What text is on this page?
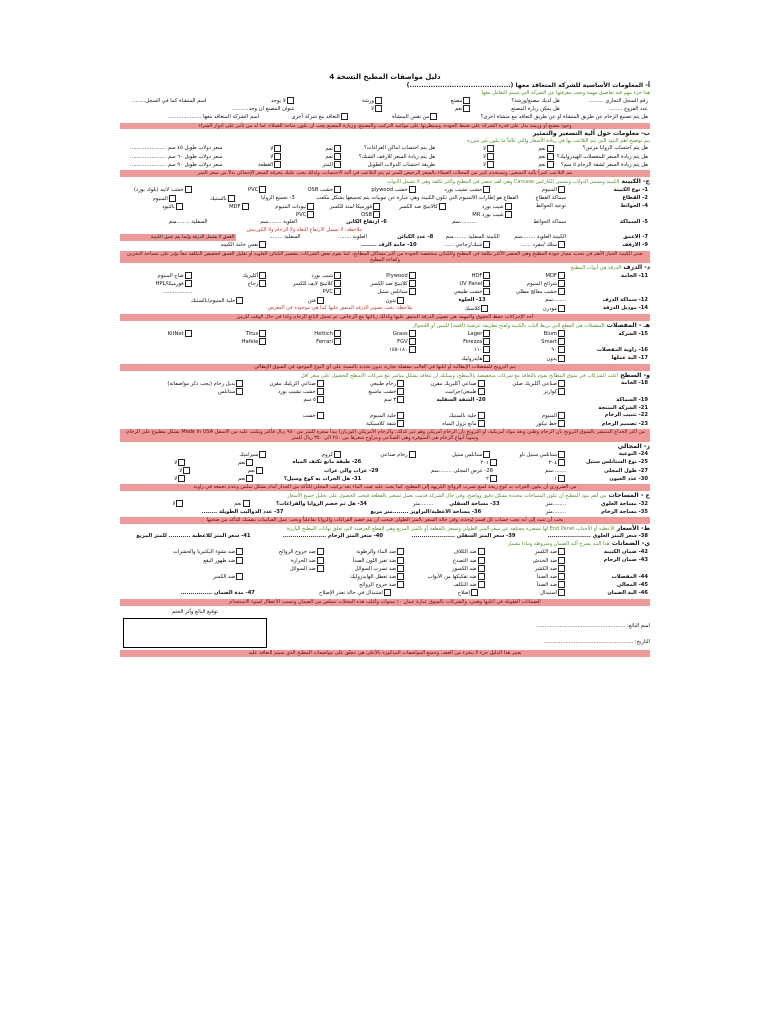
دليل مواصفات المطبخ النسخة 4
أ- المعلومات الأساسية للشركة المتعاقد معها (...........................................)
هذا جزء مهم فيه تفاصيل مهمة ويجب معرفتها عن الشركة التي سيتم التعامل معها
رقم السجل التجاري .........
هل لديك مصنع/ورشة؟
مصنع
ورشة
لا يوجد
اسم المنشأة كما في السجل........
عدد الفروع ........
هل يمكن زيارة المصنع
نعم
لا
عنوان المصنع ان وجد..........
هل يتم تصنيع الرخام عن طريق المنشأة او عن طريق التعاقد مع منشأة اخرى؟
من نفس المنشأة
التعاقد مع شركة أخرى
اسم الشركة المتعاقد معها ....................
وجود مصنع أو ورشة يدل على قدرة الشركة على ضبط الجودة، وسيطرتها على مواعيد التركيب والتصنيع، وزيارة المصنع يجب أن تكون متاحة للعملاء، لما له من تأثير على أدوار الشراء
ب- معلومات حول آلية التسعير والتمثير
يتم توضيح أهم البنود التي يتم التلاعب بها في زيادة الأسعار والتي غالباً ما تكون غير مبررة
هل يتم احتساب الزوايا مرتين؟
نعم
لا
هل يتم احتساب أماكن الفراغات؟
نعم
لا
سعر دولاب طويل ٤٥ سم ......................
هل يتم زيادة السعر للمفصلات الهيدروليك؟
نعم
لا
هل يتم زيادة السعر للأرفف الشبك؟
نعم
لا
سعر دولاب طويل ٦٠ سم ......................
هل يتم زيادة السعر لشفة الرخام ٥ سم؟
نعم
لا
طريقة احتساب الدولاب الطويل
المتر
القطعة
سعر دولاب طويل ٩٠ سم ......................
يتم التلاعب كثيراً بآلية التسعير، وتستخدم كثير من المحلات العملاء بالسعر الرخيص للمتر ثم يتم التلاعب في آلية الاحتساب، ولذلك يجب عليك معرفة السعر الإجمالي بدلاً من سعر المتر
ج- الكبينة الكبينة وتسمى الدولاب وتسمى الكاركس Carcase وهي أهم عنصر في المطبخ وأكثر تكلفة وهي لا تشمل الأبواب
1- نوع الكبينة
المنيوم
خشب تشيب بورد
خشب plywood
خشب OSB
PVC
خشب لاتيه (بلوك بورد)
2- القطاع
سماكة القطاع
القطاع هو إطارات الألمنيوم التي تكون الكبينة وهي عبارة عن تبويبات يتم تجميعها بشكل مكعب
3- تجميع الزوايا
بالستيك
المنيوم
4- الحوائط
نوعية الحوائط
شيب بورد
كالاتينج ضد الكسر
فورميكا لمنة للكسر
تيودات المنيوم
MDF
بالتيود
شيب بورد MR
OSB
PVC
5- السماكة
سماكة الحوائط
..........سم
6- ارتفاع الكابن
العلوية ........سم
السفلية ........سم
ملاحظة: لا يشمل الارتفاع النعلة ولا الرخام ولا الكورنيش
7- الأعمق
الكبينة العلوية ........سم
الكبينة السفلية ........سم
8- عدد الكبائن
العلوية ........
السفلية ........
العمق لا يشمل الدرفة وإنما يتم عمق الكبينة
9- الأرفف
سلك /مفرد ......
شبك/زجاجي ......
10- خامة الرف ........
نفس خامة الكبينة
تعتبر الكبينة الخيار الأهم في تحديد معيار جودة المطبخ وهي العنصر الأكثر تكلفة في المطبخ والكبائن منخفضة الجودة من أكبر مشاكل المطابخ، كما تقوم بعض الشركات بتقصير الكبائن العلوية أو تقليل العمق لتخفيض التكلفة معاً بؤثر على مساحة التخزين وكفاءة المطبخ
د- الدرف الدرفة هي أبواب المطبخ
11- الخامة
MDF
HDF
Plywood
شيب بورد
أكليريك
صاج المنيوم
شرائح المنيوم
UV Panel
كلاتينج ضد الكسر
كلاتينج لايف للكسر
زجاج
فورميكا/HPL
خشب معالج مطلي
خشب طبيعي
ستانلس ستيل
PVC
..................
12- سماكة الدرف
........سم
13- الحلوة
بدون
فتن
خلية المنيوم/بالستيك
14- موديل الدرفة
مودرن
كلاسيك
ملاحظة: يجب تصوير الدرفة المتفق عليها كما هي موجودة في المعرض
أحد الإجراءات حفظ الحقوق والمهمة هي تصوير الدرفة المتفق عليها وكذلك ربالتها مع الرخاص، ثم تحمل البائع الرخام وكذا في حال الوقت للزمن
هـ - المفصلات المفصلات هي القطع التي تربط الباب بالكبينة ولفتح بطريقة عرضية (أفقية) للبيس أو اللتحوال
15- الشركة
Blum
Lager
Grass
Hettich
Titus
KitNet
Smart
Finezza
FGV
Ferrari
Hafele
16- زاوية المفصلات
٩٠
١١٠
١٨٠-١٥٥
17- آلية عملها
بدون
هايدروليك
يتم الترويج للمفصلات الإيطالية أو لكبها في الغالب مفصلة تجارية بدون تحديد بالنسبة على أي النوع الموجود في السوق الإيطالي
و- السطح أغلب الشركات في سوق المطابخ تقوم بالتعاقد مع شركات متخصصة بالأسطح، ويمكنك أن تتعاقد بشكل مباشر مع شركات الأسطح للحصول على سعر أقل
18- الخامة
صناعي أكليريك صلي
صناعي أكليريك مقرن
رخام طبيعي
صناعي اكريليك مقرن
بديل رخام (يجب ذكر مواصفاته)
كوارتز
طبيعي/جرانيت
خشب ماسيع
خشب تشيب بورد
ستانلس
19- السماكة
20- الشفة السفلية
٣ سم
٥ سم
21- الشركة المنتجة
22- تثبيت الرخام
المنيوم
خلية بالستيك
خلية المنيوم
خشب
23- تصميم الرخام
خط تيكور
مانع نزول المياه
شفة كلاسيكية
من أكثر الخداع المنتشر بالسوق الترويج بأن الرخام وطني وبعد مواد أمريكية، أو الترويج بأن الرخام أمريكي وهو غير كذلك، والرخام الأمريكي (كوريان) يبدأ سعره للمتر من ٩٥٠ ريال فأكثر ويكتب عليه من الاسفل Made In USA بشكل مطبوع على الرخام، وسوياً أنواع الرخام هي المتوفرة وهي الصناعي وبتراوح سعرها بين ٢٥٠ الى ٣٥٠ ريال للمتر
ز- المجالي
24- النوعية
ستانلس ستيل ناو
ستانلس ستيل
رخام صناعي
كروم
سيراميك
25- نوع الستانلس ستيل
٣٠٤
٢٠١
26- طبقة مانع تكثف المياه
نعم
لا
27- طول المجلى
........سم
28- عرض المجلى ........سم
29- عراب وآلي عراب
نعم
لا
30- عدد العيون
١
٢
31- هل الجراب به كوع وسيل؟
نعم
لا
من الضروري أن يكون الجراب به كوع ريحة لمنع تسرب الروائح الكريهة إلى المطبخ، كما يجب عليه صب الماء بعد تركيب المجلى للتأكد من الجدار أمام بشكل سلس وعدم تجمعه في زاوية
ح - المساحات من أهم بنود المطبخ أن تكون المساحات محددة بشكل دقيق وواضح، وفي حال الشركة قدمت بعمل تسعير بالقطعة فيجب الحصول على تحليل جميع الأسعار
32- مساحة العلوي
........متر
33- مساحة السفلي
........متر
34- هل تم خصم الزوايا والفراغات؟
نعم
لا
35- مساحة الرخام
........متر
36- مساحة الأعطية/البراويز ........متر مربع
37- عدد الدواليب الطويلة ........
يجب أن تنتبه إلى أنه يجب حساب كل قسم لوحده، وفي حالة السعر بالمتر الطولي فيجب أن يتم خصم الفراغات والزوايا تفاعلياً ويجب عمل القياسات بنفسك للتأكد من صحتها
ط- الأسعار الأعطية أو الأحذاب End Panel لها تسعيرة مختلفة عن سعر المتر الطولي وتسعر بالقطعة أو بالمتر المربع وهي القطع العرضية التي تغلق نهايات المطبخ البارزة
38- سعر المتر العلوي ......................
39- سعر المتر السفلي ......................
40- سعر المتر الرخام ......................
41- سعر المتر للأعطية ........... للمتر المربع
ي- الضمانات هذا البند يشرح آلية الضمان وشروطه وماذا يشمل
42- ضمان الكبينة
ضد الكسر
ضد الكلاف
ضد الماء والرطوبة
ضد خروج الروائح
ضد نشوء البكتيريا والحشرات
43- ضمان الرخام
ضد الخدش
ضد التصدع
ضد تغير اللون الصدأ
ضد الحرارة
ضد ظهور البقع
ضد الكشر
ضد الكسور
ضد تسرب السوائل
ضد السوائل
44- المفصلات
ضد الصدأ
ضد تفكيكها من الأبواب
ضد تعطل الهايدروليك
ضد الكسر
45- المجالي
ضد الصدأ
ضد التكلف
ضد خروج الروائح
46- آلية الضمان
استبدال
إصلاح
استبدال في حالة تعذر الإصلاح
47- مدة الضمان ................
الضمانات الطويلة في أغلبها وهمي، والشركات بالسوق عبارة عمان ١٠ سنوات وأغلب هذه المحلات تتملص من الضمان وتنسب الأعطال لسوء الاستخدام
اسم البائع: ......................................................
التاريخ: ......................................................
توقيع البائع وأثر الختم
يعتبر هذا الدليل جزء لا يتجزء من العقد، وجميع المواصفات المذكورة بالأعلى هي تتعلق على مواصفات المطبخ الذي سيتم التعاقد عليه
